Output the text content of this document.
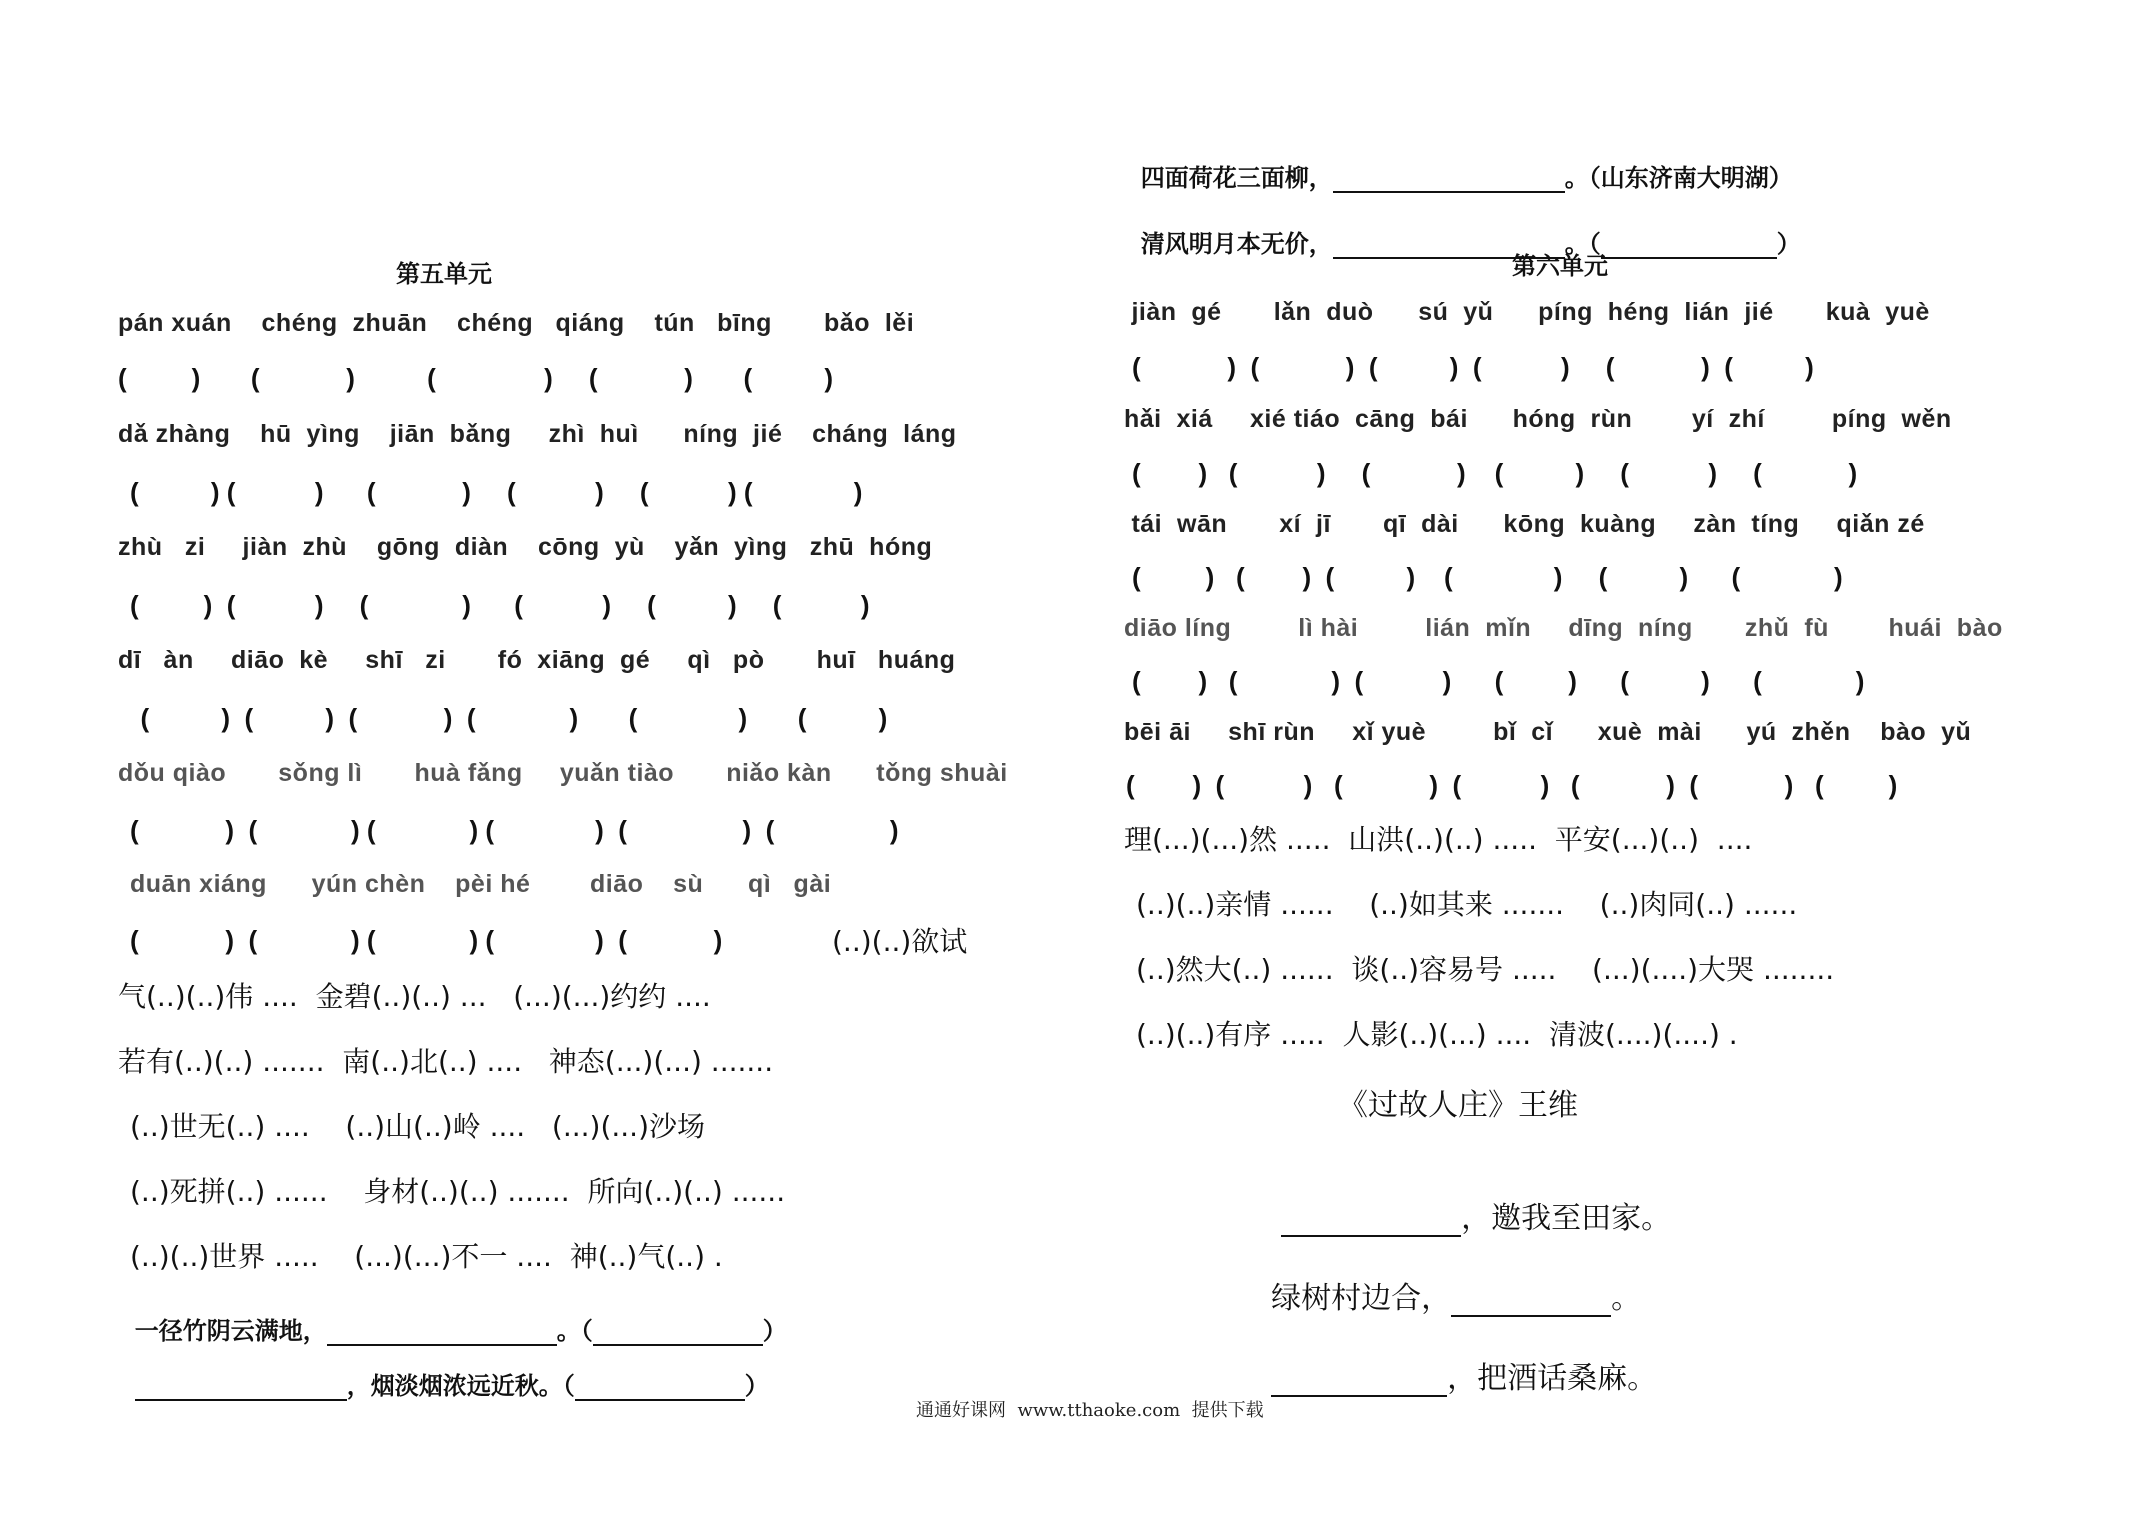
第五单元
pán xuán    chéng  zhuān    chéng   qiáng    tún   bīng       bǎo  lěi
(         )       (            )          (               )     (            )       (          )
dǎ zhàng    hū  yìng    jiān  bǎng     zhì  huì      níng  jié    cháng  láng
(          ) (           )      (            )     (           )     (           ) (              )
zhù   zi     jiàn  zhù    gōng  diàn    cōng  yù    yǎn  yìng   zhū  hóng
(         )  (           )     (             )      (           )     (          )     (           )
dī   àn     diāo  kè     shī   zi       fó  xiāng  gé     qì   pò       huī   huáng
(          )  (          )  (            )  (             )       (              )       (          )
dǒu qiào       sǒng lì       huà fǎng     yuǎn tiào       niǎo kàn      tǒng shuài
(            )  (             ) (             ) (              )  (                )  (                )
duān xiáng      yún chèn    pèi hé        diāo    sù      qì   gài
(            )  (             ) (             ) (              )  (            )	(..)(..)欲试
气(..)(..)伟 ....  金碧(..)(..) ...   (...)(...)约约 ....
若有(..)(..) .......  南(..)北(..) ....   神态(...)(...) .......
(..)世无(..) ....    (..)山(..)岭 ....   (...)(...)沙场
(..)死拼(..) ......    身材(..)(..) .......  所向(..)(..) ......
(..)(..)世界 .....    (...)(...)不一 ....  神(..)气(..) .

一径竹阴云满地，	。（	）

，烟淡烟浓远近秋。（	）

四面荷花三面柳，	。（山东济南大明湖）

清风明月本无价，	。（	）

第六单元
jiàn  gé       lǎn  duò      sú  yǔ      píng  héng  lián  jié       kuà  yuè
(            )  (            )  (          )  (           )     (            )  (          )
hǎi  xiá     xié tiáo  cāng  bái      hóng  rùn        yí  zhí         píng  wěn
(        )   (           )     (            )    (          )     (           )     (            )
tái  wān       xí  jī       qī  dài      kōng  kuàng     zàn  tíng     qiǎn zé
(         )   (        )  (          )    (              )     (          )      (             )
diāo líng         lì hài         lián  mǐn     dīng  níng       zhǔ  fù        huái  bào
(        )   (             )  (           )      (         )      (          )      (             )
bēi āi     shī rùn     xǐ yuè         bǐ  cǐ      xuè  mài      yú  zhěn    bào  yǔ
(        )  (           )   (            )  (           )   (            )  (            )   (         )
理(...)(...)然 .....  山洪(..)(..) .....  平安(...)(..)  ....
(..)(..)亲情 ......    (..)如其来 .......    (..)肉同(..) ......
(..)然大(..) ......  谈(..)容易号 .....    (...)(....)大哭 ........
(..)(..)有序 .....  人影(..)(...) ....  清波(....)(....) .
《过故人庄》王维

，邀我至田家。

绿树村边合，	。

，把酒话桑麻。

通通好课网  www.tthaoke.com  提供下载
